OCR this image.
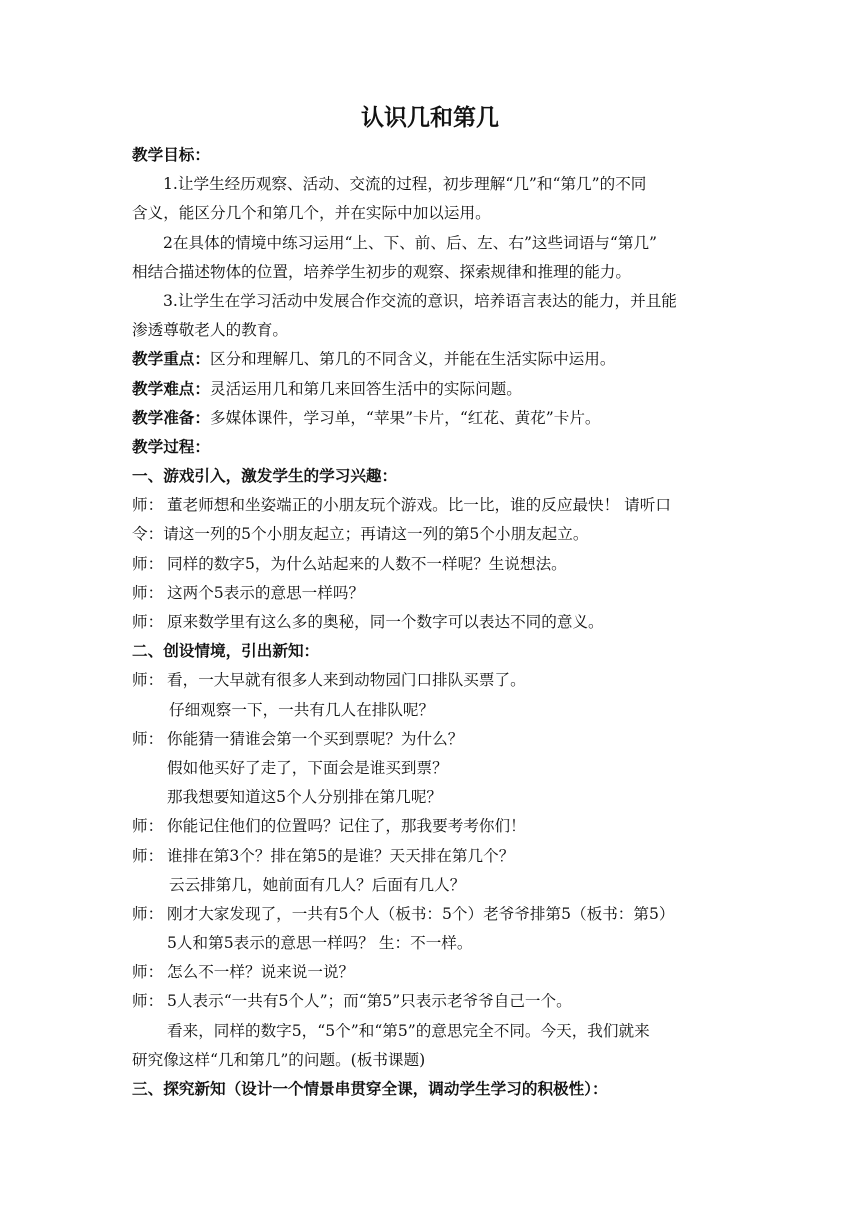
认识几和第几
教学目标：
1.让学生经历观察、活动、交流的过程，初步理解“几”和“第几”的不同
含义，能区分几个和第几个，并在实际中加以运用。
2在具体的情境中练习运用“上、下、前、后、左、右”这些词语与“第几”
相结合描述物体的位置，培养学生初步的观察、探索规律和推理的能力。
3.让学生在学习活动中发展合作交流的意识，培养语言表达的能力，并且能
渗透尊敬老人的教育。
教学重点：区分和理解几、第几的不同含义，并能在生活实际中运用。
教学难点：灵活运用几和第几来回答生活中的实际问题。
教学准备：多媒体课件，学习单，“苹果”卡片，“红花、黄花”卡片。
教学过程：
一、游戏引入，激发学生的学习兴趣：
师： 董老师想和坐姿端正的小朋友玩个游戏。比一比，谁的反应最快！ 请听口
令：请这一列的5个小朋友起立；再请这一列的第5个小朋友起立。
师： 同样的数字5，为什么站起来的人数不一样呢？生说想法。
师： 这两个5表示的意思一样吗？
师： 原来数学里有这么多的奥秘，同一个数字可以表达不同的意义。
二、创设情境，引出新知：
师： 看，一大早就有很多人来到动物园门口排队买票了。
仔细观察一下，一共有几人在排队呢？
师： 你能猜一猜谁会第一个买到票呢？为什么？
假如他买好了走了，下面会是谁买到票？
那我想要知道这5个人分别排在第几呢？
师： 你能记住他们的位置吗？记住了，那我要考考你们！
师： 谁排在第3个？排在第5的是谁？天天排在第几个？
云云排第几，她前面有几人？后面有几人？
师： 刚才大家发现了，一共有5个人（板书：5个）老爷爷排第5（板书：第5）
5人和第5表示的意思一样吗？ 生：不一样。
师： 怎么不一样？说来说一说？
师： 5人表示“一共有5个人”；而“第5”只表示老爷爷自己一个。
看来，同样的数字5，“5个”和“第5”的意思完全不同。今天，我们就来
研究像这样“几和第几”的问题。(板书课题)
三、探究新知（设计一个情景串贯穿全课，调动学生学习的积极性）：
